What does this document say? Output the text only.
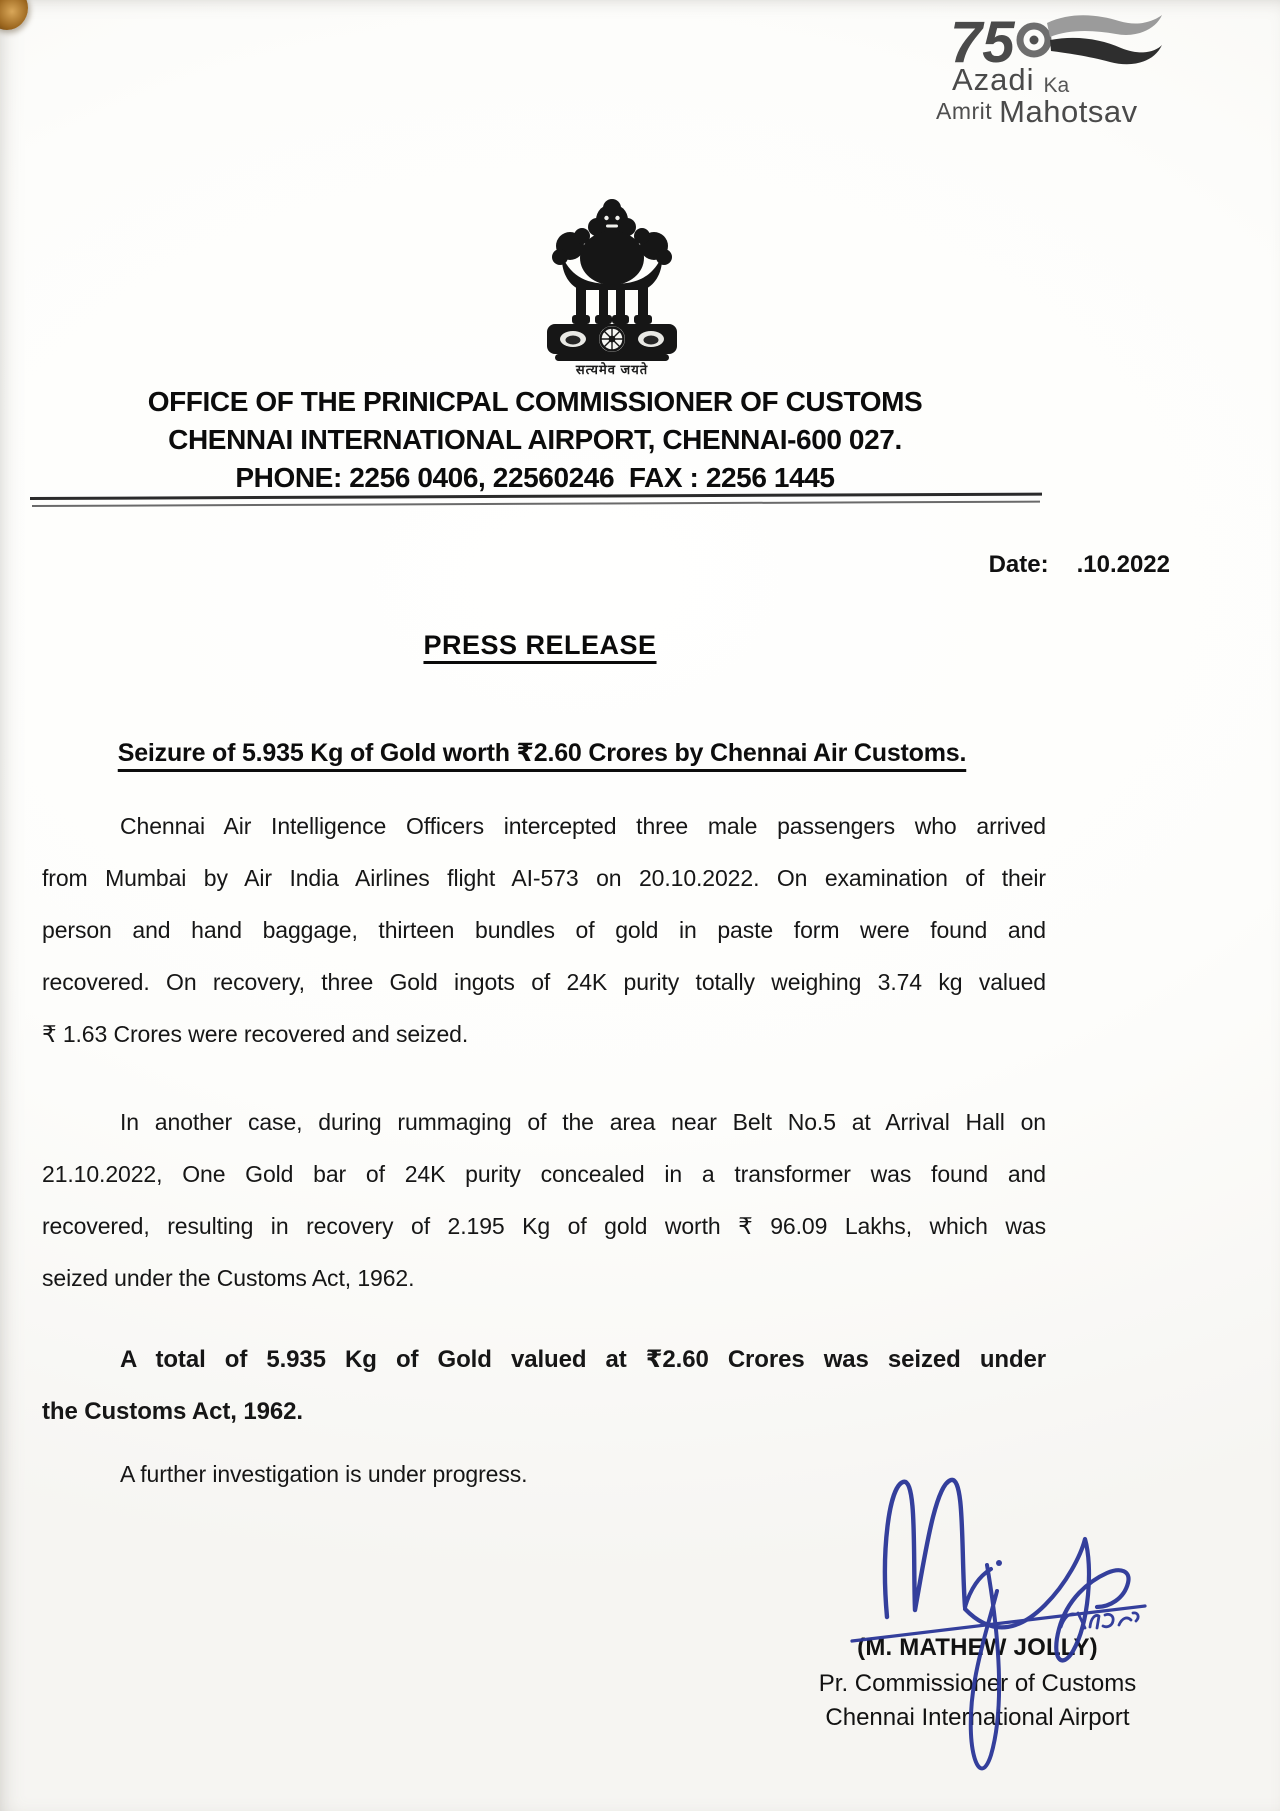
75
Azadi Ka
Amrit Mahotsav
सत्यमेव जयते
OFFICE OF THE PRINICPAL COMMISSIONER OF CUSTOMS
CHENNAI INTERNATIONAL AIRPORT, CHENNAI-600 027.
PHONE: 2256 0406, 22560246  FAX : 2256 1445
Date: .10.2022
PRESS RELEASE
Seizure of 5.935 Kg of Gold worth ₹2.60 Crores by Chennai Air Customs.
Chennai Air Intelligence Officers intercepted three male passengers who arrived
from Mumbai by Air India Airlines flight AI-573 on 20.10.2022. On examination of their
person and hand baggage, thirteen bundles of gold in paste form were found and
recovered. On recovery, three Gold ingots of 24K purity totally weighing 3.74 kg valued
₹ 1.63 Crores were recovered and seized.
In another case, during rummaging of the area near Belt No.5 at Arrival Hall on
21.10.2022, One Gold bar of 24K purity concealed in a transformer was found and
recovered, resulting in recovery of 2.195 Kg of gold worth ₹ 96.09 Lakhs, which was
seized under the Customs Act, 1962.
A total of 5.935 Kg of Gold valued at ₹2.60 Crores was seized under
the Customs Act, 1962.
A further investigation is under progress.
(M. MATHEW JOLLY)
Pr. Commissioner of Customs
Chennai International Airport
